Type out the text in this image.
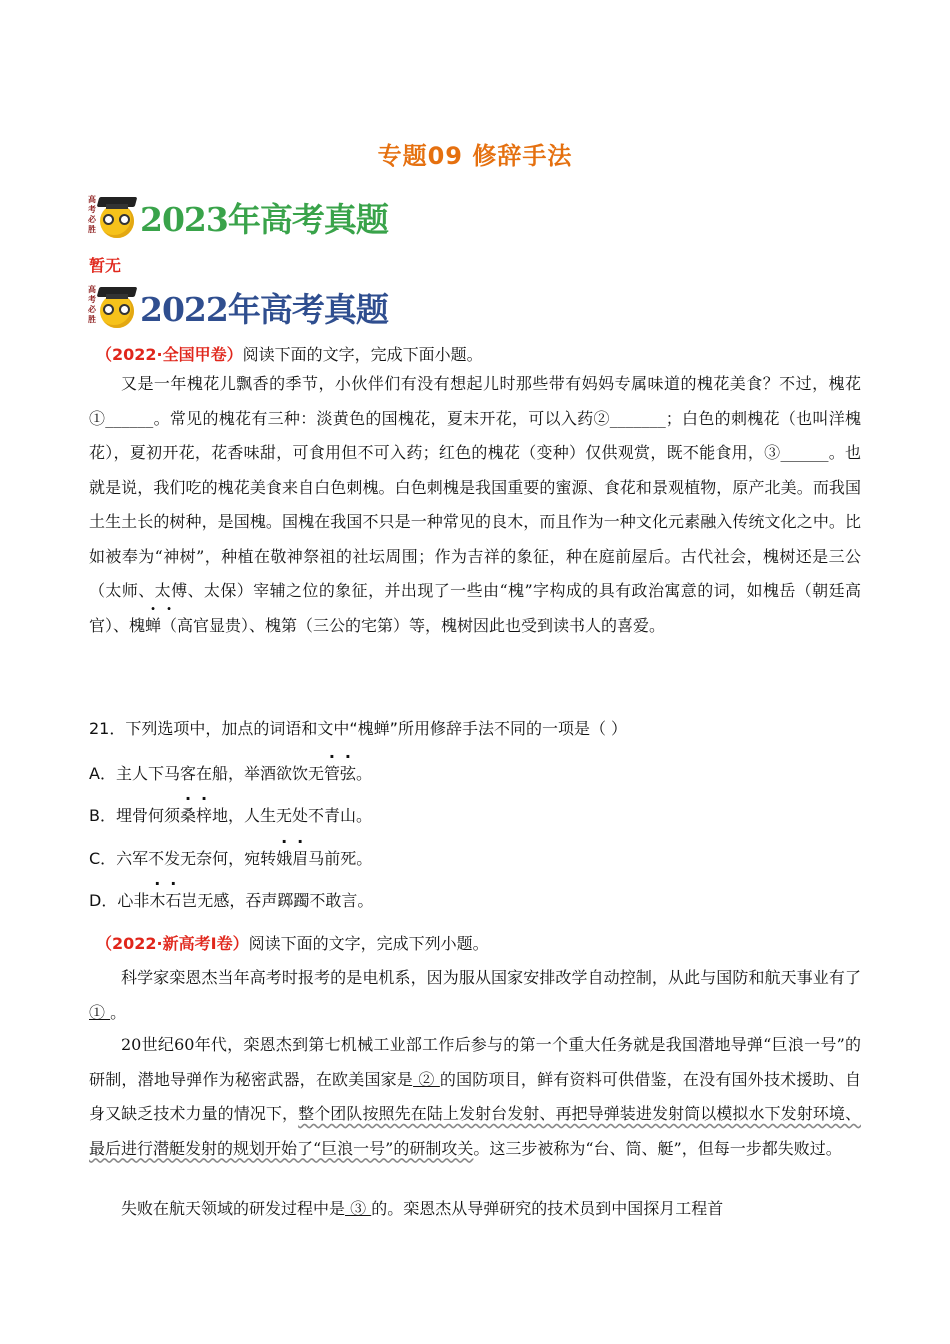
专题09 修辞手法
高考必胜 2023年高考真题
暂无
高考必胜 2022年高考真题
（2022·全国甲卷）阅读下面的文字，完成下面小题。
又是一年槐花儿飘香的季节，小伙伴们有没有想起儿时那些带有妈妈专属味道的槐花美食？不过，槐花①______。常见的槐花有三种：淡黄色的国槐花，夏末开花，可以入药②_______；白色的刺槐花（也叫洋槐花），夏初开花，花香味甜，可食用但不可入药；红色的槐花（变种）仅供观赏，既不能食用，③______。也就是说，我们吃的槐花美食来自白色刺槐。白色刺槐是我国重要的蜜源、食花和景观植物，原产北美。而我国土生土长的树种，是国槐。国槐在我国不只是一种常见的良木，而且作为一种文化元素融入传统文化之中。比如被奉为“神树”，种植在敬神祭祖的社坛周围；作为吉祥的象征，种在庭前屋后。古代社会，槐树还是三公（太师、太傅、太保）宰辅之位的象征，并出现了一些由“槐”字构成的具有政治寓意的词，如槐岳（朝廷高官）、槐蝉（高官显贵）、槐第（三公的宅第）等，槐树因此也受到读书人的喜爱。
21．下列选项中，加点的词语和文中“槐蝉”所用修辞手法不同的一项是（ ）
A．主人下马客在船，举酒欲饮无管弦。
B．埋骨何须桑梓地，人生无处不青山。
C．六军不发无奈何，宛转娥眉马前死。
D．心非木石岂无感，吞声踯躅不敢言。
（2022·新高考Ⅰ卷）阅读下面的文字，完成下列小题。
科学家栾恩杰当年高考时报考的是电机系，因为服从国家安排改学自动控制，从此与国防和航天事业有了 ① 。
20世纪60年代，栾恩杰到第七机械工业部工作后参与的第一个重大任务就是我国潜地导弹“巨浪一号”的研制，潜地导弹作为秘密武器，在欧美国家是 ② 的国防项目，鲜有资料可供借鉴，在没有国外技术援助、自身又缺乏技术力量的情况下，整个团队按照先在陆上发射台发射、再把导弹装进发射筒以模拟水下发射环境、最后进行潜艇发射的规划开始了“巨浪一号”的研制攻关。这三步被称为“台、筒、艇”，但每一步都失败过。
失败在航天领域的研发过程中是 ③ 的。栾恩杰从导弹研究的技术员到中国探月工程首
